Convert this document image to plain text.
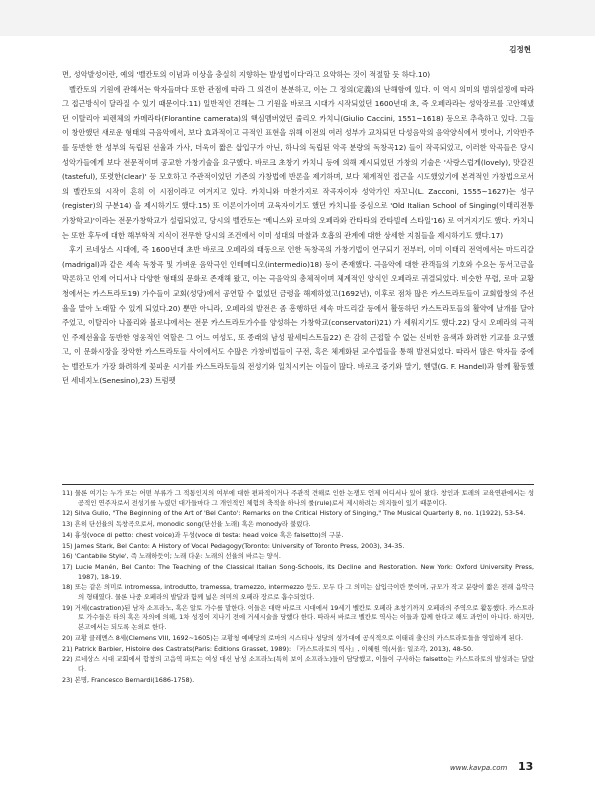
김정현

면, 성악발성이란, 예의 '벨칸토의 이념과 이상을 충실히 지향하는 발성법이다'라고 요약하는 것이 적절할 듯 하다.10)

벨칸토의 기원에 관해서는 학자들마다 또한 관점에 따라 그 의견이 분분하고, 이는 그 정의(定義)의 난해함에 있다. 이 역시 의미의 범위설정에 따라 그 접근방식이 달라질 수 있기 때문이다.11) 일반적인 견해는 그 기원을 바로크 시대가 시작되었던 1600년대 초, 즉 오페라라는 성악장르를 고안해냈던 이탈리아 피렌체의 카메라타(Florantine camerata)의 핵심멤버였던 줄리오 카치니(Giulio Caccini, 1551~1618) 등으로 추측하고 있다. 그들이 창안했던 새로운 형태의 극음악에서, 보다 효과적이고 극적인 표현을 위해 이전의 여러 성부가 교차되던 다성음악의 음악양식에서 벗어나, 기악반주를 동반한 한 성부의 독립된 선율과 가사, 더욱이 짧은 삽입구가 아닌, 하나의 독립된 악곡 분량의 독창곡12) 들이 작곡되었고, 이러한 악곡들은 당시 성악가들에게 보다 전문적이며 공교한 가창기술을 요구했다. 바로크 초창기 카치니 등에 의해 제시되었던 가창의 기술은 '사랑스럽게(lovely), 맛갈진(tasteful), 또렷한(clear)' 등 모호하고 주관적이었던 기존의 가창법에 반론을 제기하며, 보다 체계적인 접근을 시도했었기에 본격적인 가창법으로서의 벨칸토의 시작이 흔히 이 시점이라고 여겨지고 있다. 카치니와 마찬가지로 작곡자이자 성악가인 자꼬니(L. Zacconi, 1555~1627)는 성구(register)의 구분14) 을 제시하기도 했다.15) 또 이론이가이며 교육자이기도 했던 카치니를 중심으로 'Old Italian School of Singing(이태리전통가창학교)'이라는 전문가창학교가 설립되었고, 당시의 벨칸토는 '베니스와 로마의 오페라와 칸타타의 칸타빌레 스타일'16) 로 여겨지기도 했다. 카치니는 또한 후두에 대한 해부학적 지식이 전무한 당시의 조건에서 이미 성대의 마찰과 호흡의 관계에 대한 상세한 지침들을 제시하기도 했다.17)

후기 르네상스 시대에, 즉 1600년대 초반 바로크 오페라의 태동으로 인한 독창곡의 가창기법이 연구되기 전부터, 이미 이태리 전역에서는 마드리갈(madrigal)과 같은 세속 독창곡 및 가벼운 음악극인 인테메디오(intermedio)18) 등이 존재했다. 극음악에 대한 관객들의 기호와 수요는 동서고금을 막론하고 언제 어디서나 다양한 형태의 문화로 존재해 왔고, 이는 극음악의 총체적이며 체계적인 양식인 오페라로 귀결되었다. 비슷한 무렵, 로마 교황청에서는 카스트라토19) 가수들이 교회(성당)에서 공연할 수 없었던 금령을 해제하였고(1692년), 이후로 점차 많은 카스트라토들이 교회합창의 주선율을 맡아 노래할 수 있게 되었다.20) 뿐만 아니라, 오페라의 발전은 좀 흥행하던 세속 마드리갈 등에서 활동하던 카스트라토들의 활약에 날개를 달아주었고, 이탈리아 나폴리와 볼로냐에서는 전문 카스트라토가수를 양성하는 가창학교(conservatori)21) 가 세워지기도 했다.22) 당시 오페라의 극적인 주제선율을 동반한 영웅적인 역할은 그 어느 여성도, 또 종래의 남성 팔세티스트들22) 은 감히 근접할 수 없는 신비한 음색과 화려한 기교를 요구했고, 이 문화시장을 장악한 카스트라토들 사이에서도 수많은 가창비법들이 구전, 혹은 체계화된 교수법들을 통해 발전되었다. 따라서 많은 학자들 중에는 벨칸토가 가장 화려하게 꽃피운 시기를 카스트라토들의 전성기와 일치시키는 이들이 많다. 바로크 중기와 말기, 헨델(G. F. Handel)과 함께 활동했던 세네지노(Senesino),23) 트럼펫

11) 물론 여기는 누가 또는 어떤 부류가 그 적통인지의 여부에 대한 편파적이거나 주관적 견해로 인한 논쟁도 언제 어디서나 있어 왔다. 창인과 토레의 교육연관에서는 성공적인 연주자로서 전성기를 누렸던 대가들마다 그 개인적인 체험의 축적을 하나의 룰(rule)로서 제시하려는 의지들이 있기 때문이다.

12) Silva Gulio, "The Beginning of the Art of 'Bel Canto': Remarks on the Critical History of Singing," The Musical Quarterly 8, no. 1(1922), 53-54.

13) 흔히 단선율의 독창곡으로서, monodic song(단선율 노래) 혹은 monody라 불렀다.

14) 흉성(voce di petto: chest voice)과 두성(voce di testa: head voice 혹은 falsetto)의 구분.

15) James Stark, Bel Canto: A History of Vocal Pedagogy(Toronto: University of Toronto Press, 2003), 34-35.

16) 'Cantabile Style', 즉 노래하듯이; 노래 다운: 노래의 선율의 바르는 양식.

17) Lucie Manén, Bel Canto: The Teaching of the Classical Italian Song-Schools, its Decline and Restoration. New York: Oxford University Press, 1987), 18-19.

18) 또는 같은 의미로 intromessa, introdutto, tramessa, tramezzo, intermezzo 등도. 모두 다 그 의미는 삽입극이란 뜻이며, 규모가 작고 분량이 짧은 전래 음악극의 형태였다. 물론 나중 오페라의 발달과 함께 넓은 의미의 오페라 장르로 흡수되었다.

19) 거세(castration)된 남자 소프라노, 혹은 알토 가수를 말한다. 이들은 대략 바로크 시대에서 19세기 벨칸토 오페라 초창기까지 오페라의 주역으로 활동했다. 카스트라토 가수들은 타의 혹은 자의에 의해, 1차 성징이 지나기 전에 거세시술을 당했다 한다. 따라서 바로크 벨칸토 역사는 이들과 함께 한다고 해도 과언이 아니다. 하지만, 본고에서는 되도록 논외로 한다.

20) 교황 클레멘스 8세(Clemens VIII, 1692~1605)는 교황청 예배당의 로마의 시스티나 성당의 성가대에 공식적으로 이태리 출신의 카스트라토들을 영입하게 된다.

21) Patrick Barbier, Histoire des Castrats(Paris: Éditions Grasset, 1989): 『카스트라토의 역사』, 이혜원 역(서울: 일조각, 2013), 48-50.

22) 르네상스 시대 교회에서 합창의 고음역 파트는 여성 대신 남성 소프라노(특히 보이 소프라노)들이 담당했고, 이들이 구사하는 falsetto는 카스트라토의 발성과는 달랐다.

23) 본명, Francesco Bernardi(1686-1758).

www.kavpa.com 13
